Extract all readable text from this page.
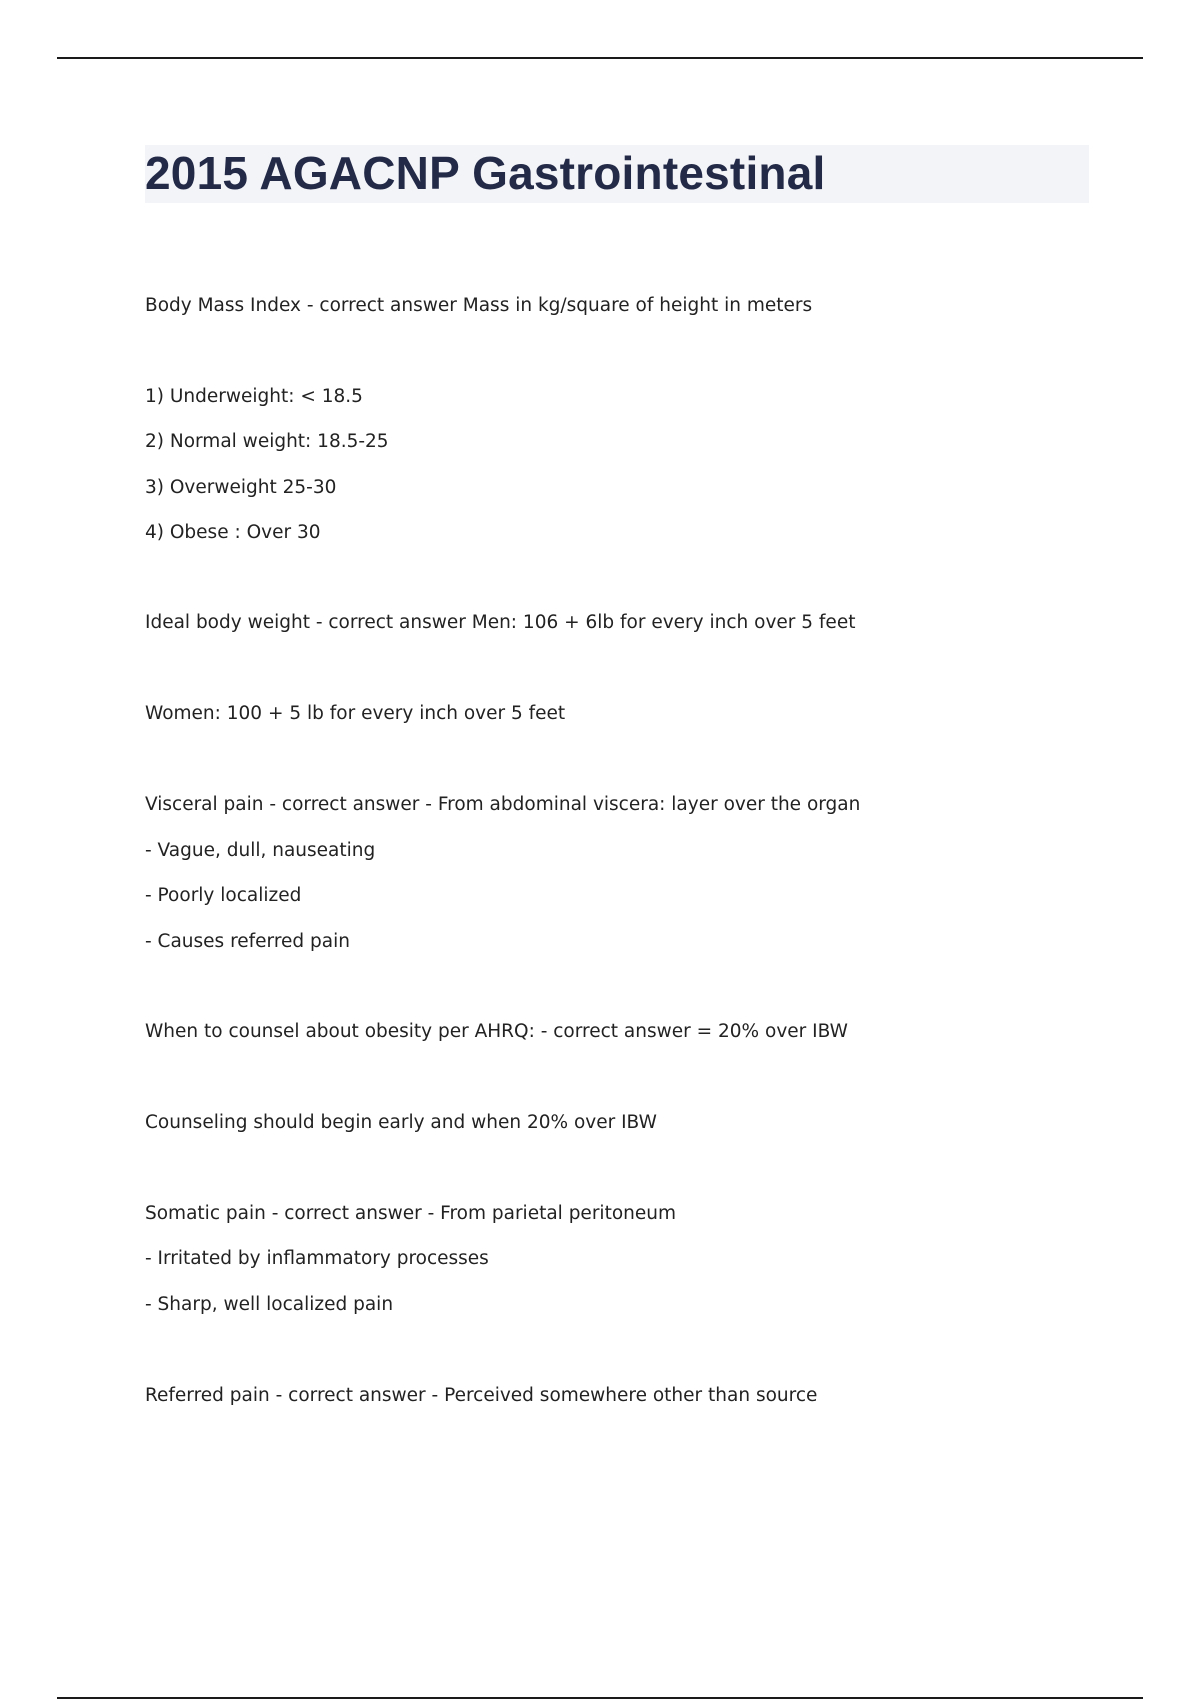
2015 AGACNP Gastrointestinal

Body Mass Index - correct answer Mass in kg/square of height in meters

1) Underweight: < 18.5

2) Normal weight: 18.5-25

3) Overweight 25-30

4) Obese : Over 30

Ideal body weight - correct answer Men: 106 + 6lb for every inch over 5 feet

Women: 100 + 5 lb for every inch over 5 feet

Visceral pain - correct answer - From abdominal viscera: layer over the organ

- Vague, dull, nauseating

- Poorly localized

- Causes referred pain

When to counsel about obesity per AHRQ: - correct answer = 20% over IBW

Counseling should begin early and when 20% over IBW

Somatic pain - correct answer - From parietal peritoneum

- Irritated by inflammatory processes

- Sharp, well localized pain

Referred pain - correct answer - Perceived somewhere other than source
